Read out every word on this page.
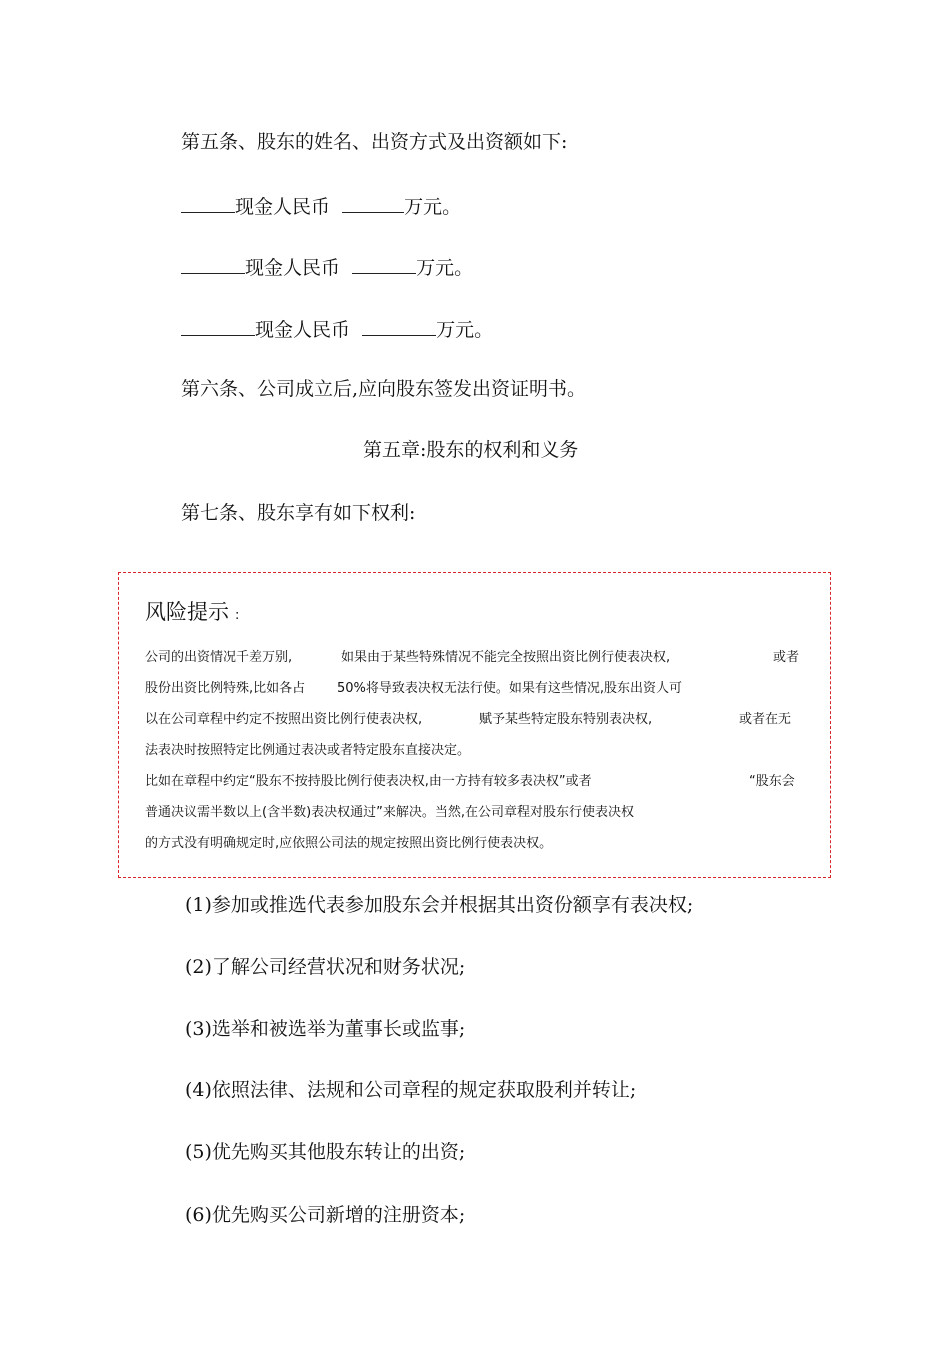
第五条、股东的姓名、出资方式及出资额如下:
现金人民币	万元。
现金人民币	万元。
现金人民币	万元。
第六条、公司成立后,应向股东签发出资证明书。
第五章:股东的权利和义务
第七条、股东享有如下权利:
风险提示 :
公司的出资情况千差万别,	如果由于某些特殊情况不能完全按照出资比例行使表决权,	或者
股份出资比例特殊,比如各占 50%将导致表决权无法行使。如果有这些情况,股东出资人可
以在公司章程中约定不按照出资比例行使表决权,	赋予某些特定股东特别表决权,	或者在无
法表决时按照特定比例通过表决或者特定股东直接决定。
比如在章程中约定“股东不按持股比例行使表决权,由一方持有较多表决权”或者	“股东会
普通决议需半数以上(含半数)表决权通过”来解决。当然,在公司章程对股东行使表决权
的方式没有明确规定时,应依照公司法的规定按照出资比例行使表决权。
(1)参加或推选代表参加股东会并根据其出资份额享有表决权;
(2)了解公司经营状况和财务状况;
(3)选举和被选举为董事长或监事;
(4)依照法律、法规和公司章程的规定获取股利并转让;
(5)优先购买其他股东转让的出资;
(6)优先购买公司新增的注册资本;
